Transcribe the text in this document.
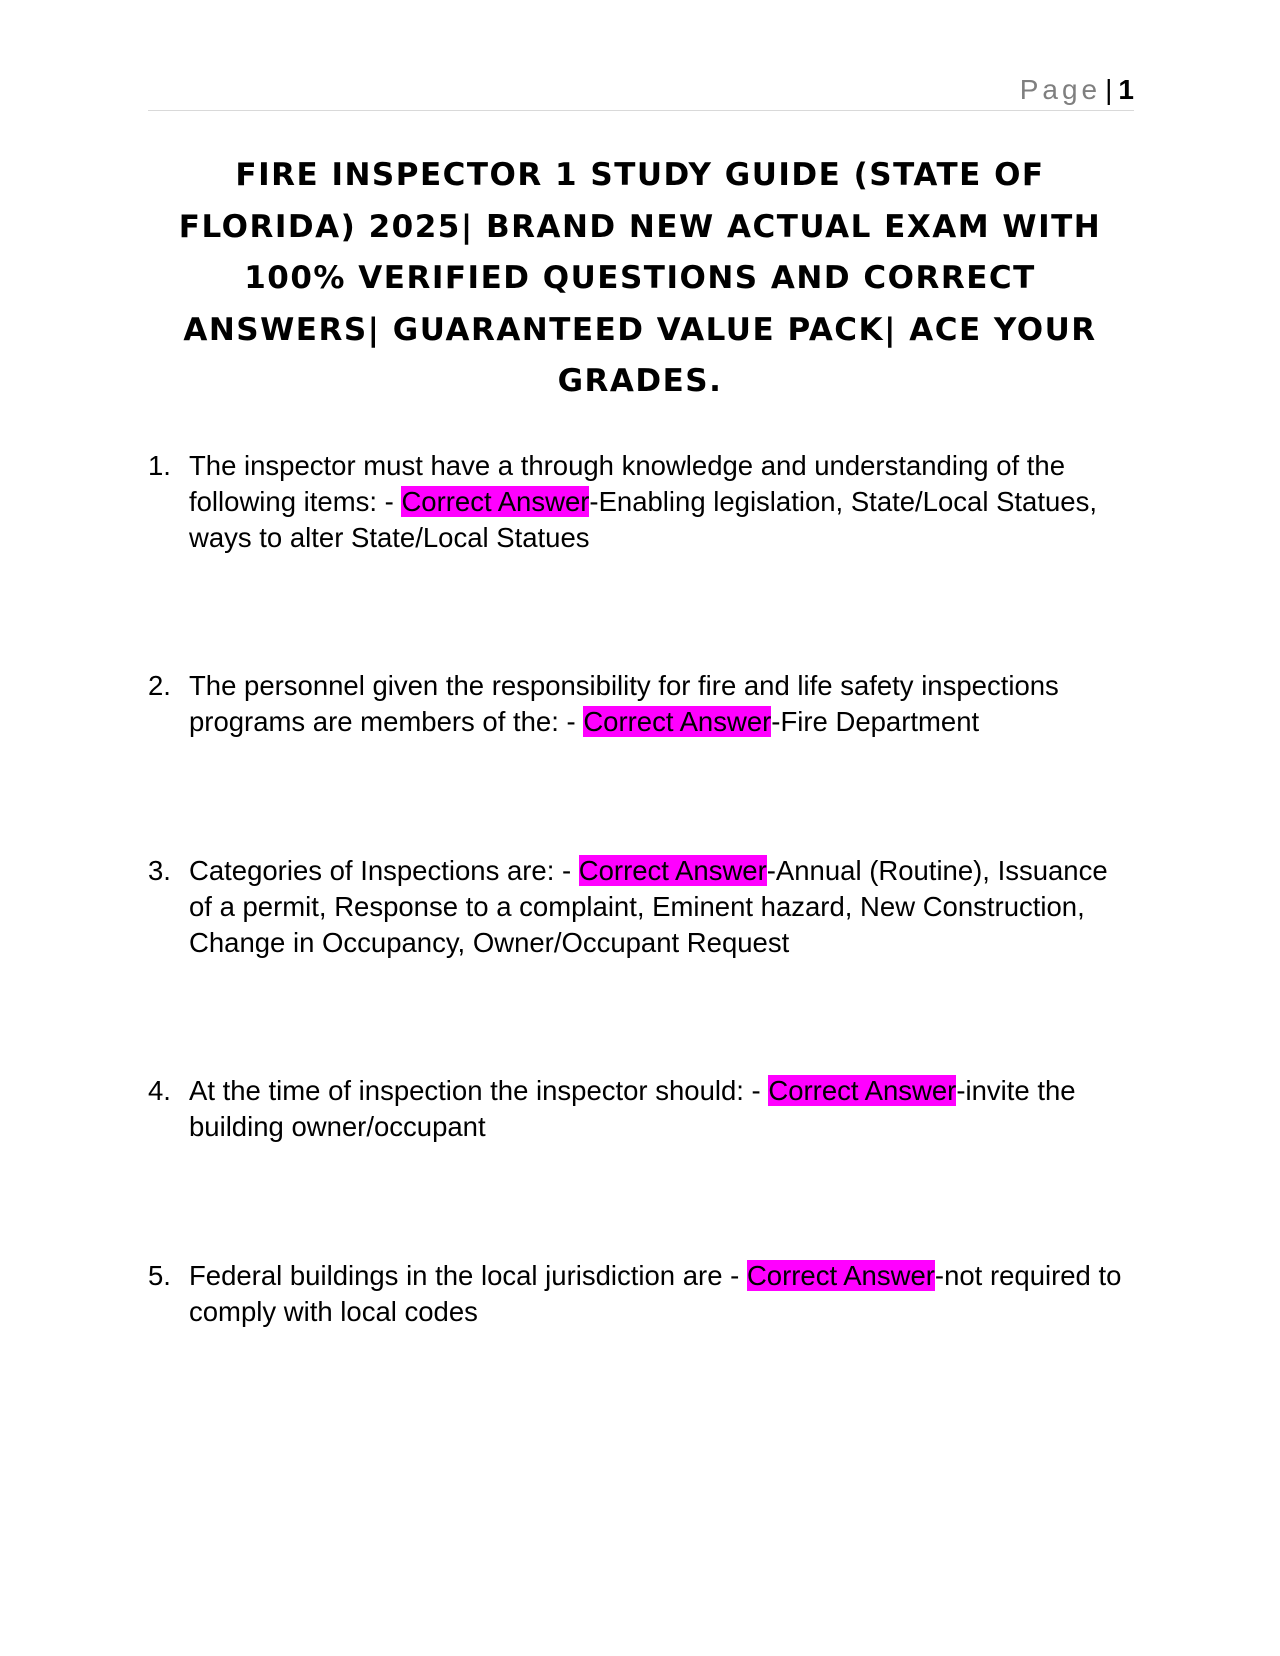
Page | 1
FIRE INSPECTOR 1 STUDY GUIDE (STATE OF FLORIDA) 2025| BRAND NEW ACTUAL EXAM WITH 100% VERIFIED QUESTIONS AND CORRECT ANSWERS| GUARANTEED VALUE PACK| ACE YOUR GRADES.
1. The inspector must have a through knowledge and understanding of the following items: - Correct Answer-Enabling legislation, State/Local Statues, ways to alter State/Local Statues
2. The personnel given the responsibility for fire and life safety inspections programs are members of the: - Correct Answer-Fire Department
3. Categories of Inspections are: - Correct Answer-Annual (Routine), Issuance of a permit, Response to a complaint, Eminent hazard, New Construction, Change in Occupancy, Owner/Occupant Request
4. At the time of inspection the inspector should: - Correct Answer-invite the building owner/occupant
5. Federal buildings in the local jurisdiction are - Correct Answer-not required to comply with local codes
